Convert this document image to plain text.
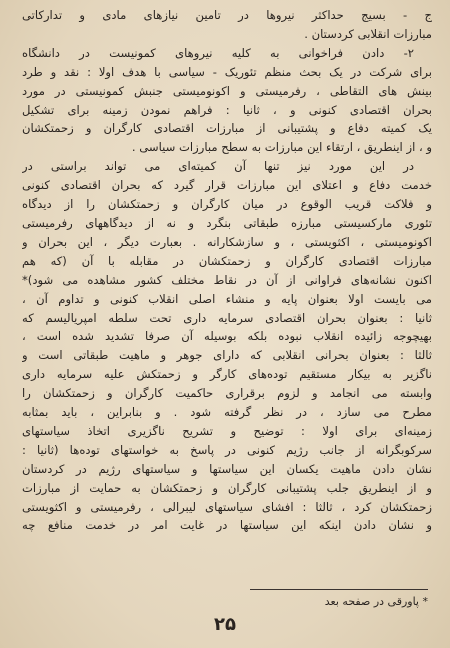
ج - بسیج حداکثر نیروها در تامین نیازهای مادی و تدارکاتی
مبارزات انقلابی کردستان .

۲- دادن فراخوانی به کلیه نیروهای کمونیست در دانشگاه
برای شرکت در یک بحث منظم تئوریک - سیاسی با هدف اولا : نقد و طرد
بینش های التقاطی ، رفرمیستی و اکونومیستی جنبش کمونیستی در مورد
بحران اقتصادی کنونی و ، ثانیا : فراهم نمودن زمینه برای تشکیل
یک کمیته دفاع و پشتیبانی از مبارزات اقتصادی کارگران و زحمتکشان
و ، از اینطریق ، ارتقاء این مبارزات به سطح مبارزات سیاسی .

در این مورد نیز تنها آن کمیته‌ای می تواند براستی در
خدمت دفاع و اعتلای این مبارزات قرار گیرد که بحران اقتصادی کنونی
و فلاکت قریب الوقوع در میان کارگران و زحمتکشان را از دیدگاه
تئوری مارکسیستی مبارزه طبقاتی بنگرد و نه از دیدگاههای رفرمیستی
اکونومیستی ، اکثویستی ، و سازشکارانه . بعبارت دیگر ، این بحران و
مبارزات اقتصادی کارگران و زحمتکشان در مقابله با آن (که هم
اکنون نشانه‌های فراوانی از آن در نقاط مختلف کشور مشاهده می شود)*
می بایست اولا بعنوان پایه و منشاء اصلی انقلاب کنونی و تداوم آن ،
ثانیا : بعنوان بحران اقتصادی سرمایه داری تحت سلطه امپریالیسم که
بهیچوجه زائیده انقلاب نبوده بلکه بوسیله آن صرفا تشدید شده است ،
ثالثا : بعنوان بحرانی انقلابی که دارای جوهر و ماهیت طبقاتی است و
ناگزیر به بیکار مستقیم توده‌های کارگر و زحمتکش علیه سرمایه داری
وابسته می انجامد و لزوم برقراری حاکمیت کارگران و زحمتکشان را
مطرح می سازد ، در نظر گرفته شود . و بنابراین ، باید بمثابه
زمینه‌ای برای اولا : توضیح و تشریح ناگزیری اتخاذ سیاستهای
سرکوبگرانه از جانب رژیم کنونی در پاسخ به خواستهای توده‌ها (ثانیا :
نشان دادن ماهیت یکسان این سیاستها و سیاستهای رژیم در کردستان
و از اینطریق جلب پشتیبانی کارگران و زحمتکشان به حمایت از مبارزات
زحمتکشان کرد ، ثالثا : افشای سیاستهای لیبرالی ، رفرمیستی و اکثویستی
و نشان دادن اینکه این سیاستها در غایت امر در خدمت منافع چه

* پاورقی در صفحه بعد
۲۵
